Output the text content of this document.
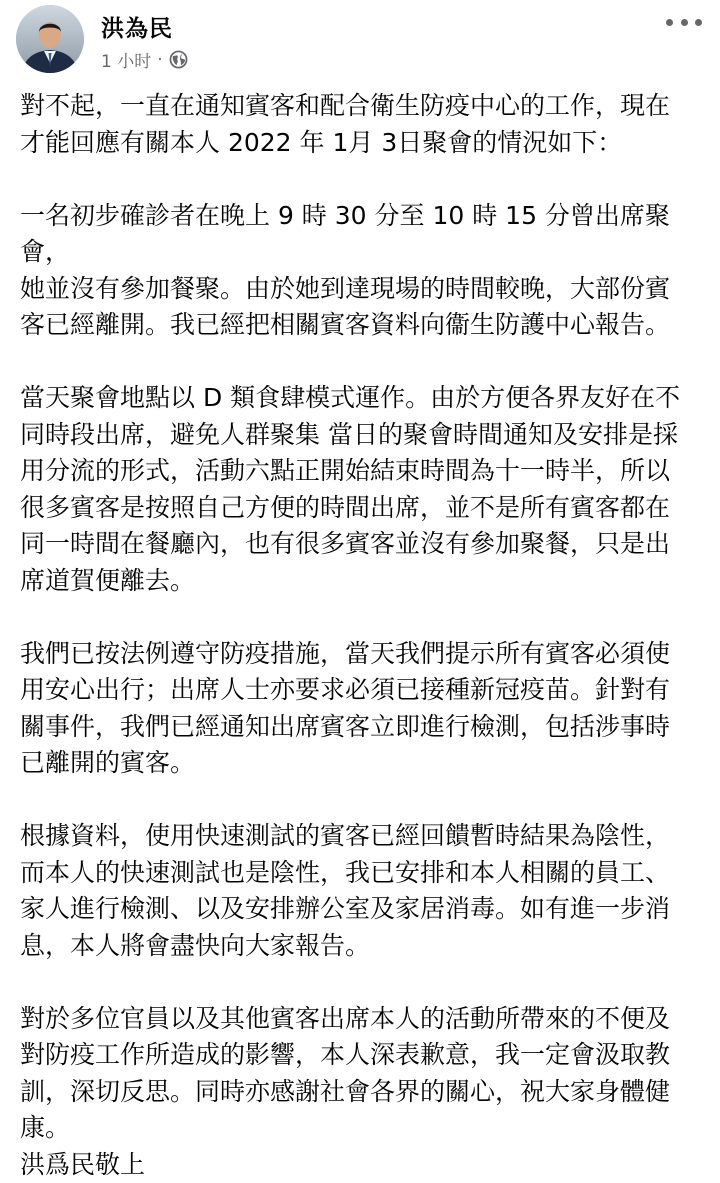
洪為民
1 小时 ·

對不起，一直在通知賓客和配合衛生防疫中心的工作，現在
才能回應有關本人 2022 年 1月 3日聚會的情況如下：

一名初步確診者在晚上 9 時 30 分至 10 時 15 分曾出席聚會，
她並沒有參加餐聚。由於她到達現場的時間較晚，大部份賓
客已經離開。我已經把相關賓客資料向衞生防護中心報告。

當天聚會地點以 D 類食肆模式運作。由於方便各界友好在不
同時段出席，避免人群聚集 當日的聚會時間通知及安排是採
用分流的形式，活動六點正開始結束時間為十一時半，所以
很多賓客是按照自己方便的時間出席，並不是所有賓客都在
同一時間在餐廳內，也有很多賓客並沒有參加聚餐，只是出
席道賀便離去。

我們已按法例遵守防疫措施，當天我們提示所有賓客必須使
用安心出行；出席人士亦要求必須已接種新冠疫苗。針對有
關事件，我們已經通知出席賓客立即進行檢測，包括涉事時
已離開的賓客。

根據資料，使用快速測試的賓客已經回饋暫時結果為陰性，
而本人的快速測試也是陰性，我已安排和本人相關的員工、
家人進行檢測、以及安排辦公室及家居消毒。如有進一步消
息，本人將會盡快向大家報告。

對於多位官員以及其他賓客出席本人的活動所帶來的不便及
對防疫工作所造成的影響，本人深表歉意，我一定會汲取教
訓，深切反思。同時亦感謝社會各界的關心，祝大家身體健
康。
洪爲民敬上
